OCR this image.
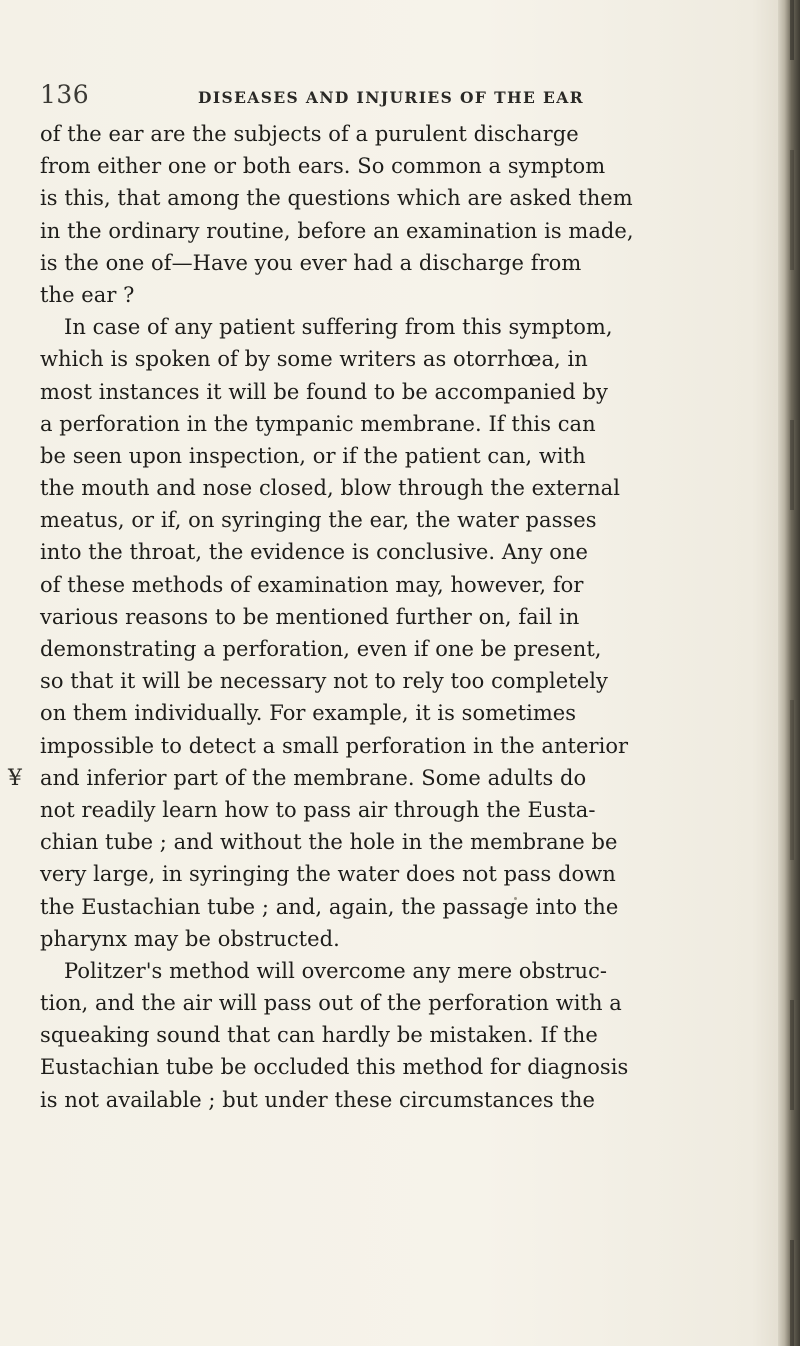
136	DISEASES AND INJURIES OF THE EAR
¥
of the ear are the subjects of a purulent discharge
from either one or both ears. So common a symptom
is this, that among the questions which are asked them
in the ordinary routine, before an examination is made,
is the one of—Have you ever had a discharge from
the ear ?
In case of any patient suffering from this symptom,
which is spoken of by some writers as otorrhœa, in
most instances it will be found to be accompanied by
a perforation in the tympanic membrane. If this can
be seen upon inspection, or if the patient can, with
the mouth and nose closed, blow through the external
meatus, or if, on syringing the ear, the water passes
into the throat, the evidence is conclusive. Any one
of these methods of examination may, however, for
various reasons to be mentioned further on, fail in
demonstrating a perforation, even if one be present,
so that it will be necessary not to rely too completely
on them individually. For example, it is sometimes
impossible to detect a small perforation in the anterior
and inferior part of the membrane. Some adults do
not readily learn how to pass air through the Eusta-
chian tube ; and without the hole in the membrane be
very large, in syringing the water does not pass down
the Eustachian tube ; and, again, the passage into the
pharynx may be obstructed.
Politzer's method will overcome any mere obstruc-
tion, and the air will pass out of the perforation with a
squeaking sound that can hardly be mistaken. If the
Eustachian tube be occluded this method for diagnosis
is not available ; but under these circumstances the
